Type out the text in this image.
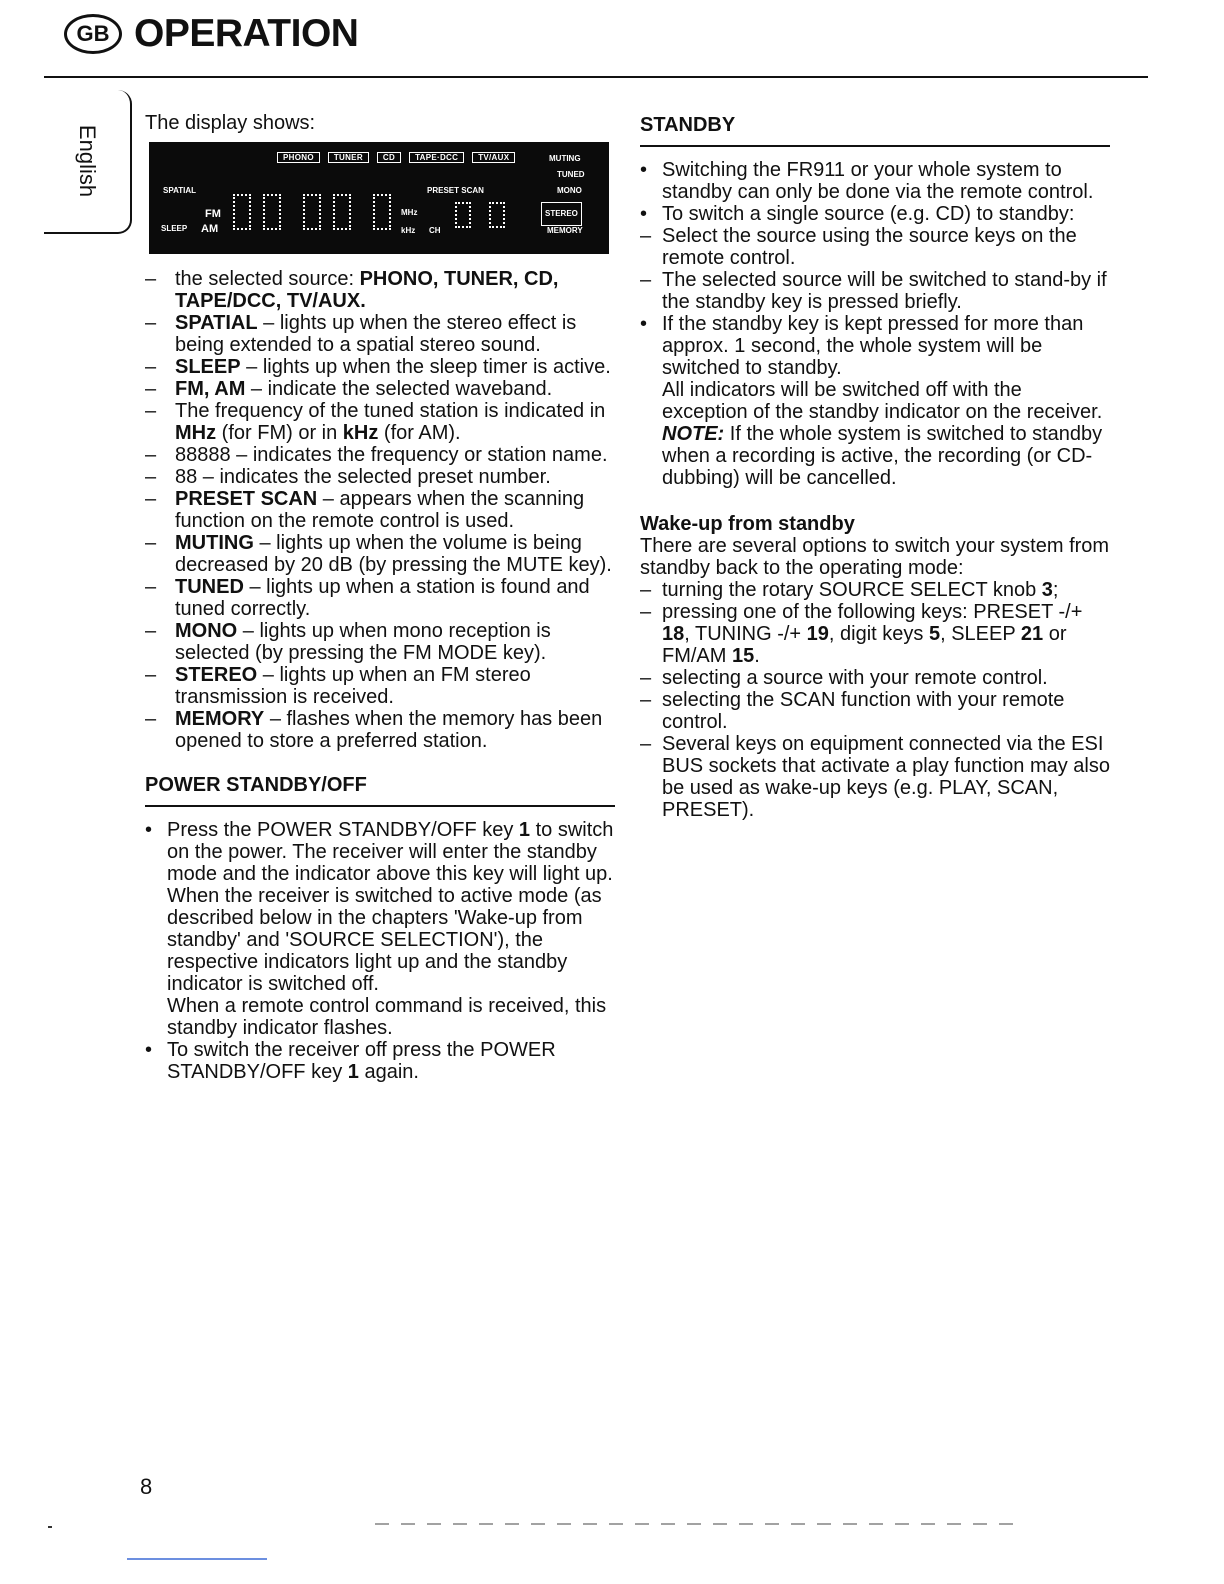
GB OPERATION
English

The display shows:

PHONO	TUNER	CD	TAPE·DCC	TV/AUX
SPATIAL	PRESET SCAN
FM
SLEEP AM
MHz
kHz CH
MUTING
TUNED
MONO
STEREO
MEMORY
– the selected source: PHONO, TUNER, CD, TAPE/DCC, TV/AUX.
– SPATIAL – lights up when the stereo effect is being extended to a spatial stereo sound.
– SLEEP – lights up when the sleep timer is active.
– FM, AM – indicate the selected waveband.
– The frequency of the tuned station is indicated in MHz (for FM) or in kHz (for AM).
– 88888 – indicates the frequency or station name.
– 88 – indicates the selected preset number.
– PRESET SCAN – appears when the scanning function on the remote control is used.
– MUTING – lights up when the volume is being decreased by 20 dB (by pressing the MUTE key).
– TUNED – lights up when a station is found and tuned correctly.
– MONO – lights up when mono reception is selected (by pressing the FM MODE key).
– STEREO – lights up when an FM stereo transmission is received.
– MEMORY – flashes when the memory has been opened to store a preferred station.
POWER STANDBY/OFF
• Press the POWER STANDBY/OFF key 1 to switch on the power. The receiver will enter the standby mode and the indicator above this key will light up.
When the receiver is switched to active mode (as described below in the chapters 'Wake-up from standby' and 'SOURCE SELECTION'), the respective indicators light up and the standby indicator is switched off.
When a remote control command is received, this standby indicator flashes.
• To switch the receiver off press the POWER STANDBY/OFF key 1 again.
STANDBY
• Switching the FR911 or your whole system to standby can only be done via the remote control.
• To switch a single source (e.g. CD) to standby:
– Select the source using the source keys on the remote control.
– The selected source will be switched to stand-by if the standby key is pressed briefly.
• If the standby key is kept pressed for more than approx. 1 second, the whole system will be switched to standby.
All indicators will be switched off with the exception of the standby indicator on the receiver.
NOTE: If the whole system is switched to standby when a recording is active, the recording (or CD-dubbing) will be cancelled.

Wake-up from standby

There are several options to switch your system from standby back to the operating mode:

– turning the rotary SOURCE SELECT knob 3;
– pressing one of the following keys: PRESET -/+ 18, TUNING -/+ 19, digit keys 5, SLEEP 21 or FM/AM 15.
– selecting a source with your remote control.
– selecting the SCAN function with your remote control.
– Several keys on equipment connected via the ESI BUS sockets that activate a play function may also be used as wake-up keys (e.g. PLAY, SCAN, PRESET).
8
